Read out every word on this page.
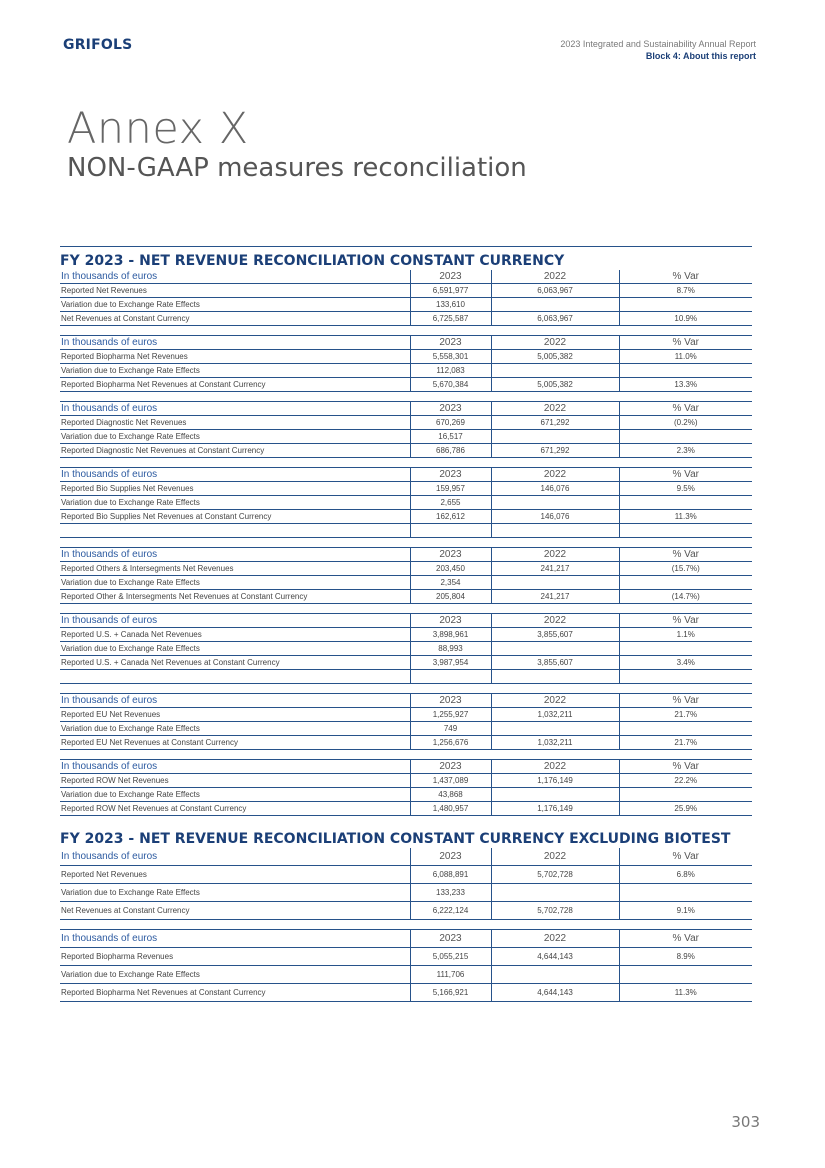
GRIFOLS	2023 Integrated and Sustainability Annual Report
Block 4: About this report
Annex X
NON-GAAP measures reconciliation
FY 2023 - NET REVENUE RECONCILIATION CONSTANT CURRENCY
In thousands of euros	2023	2022	% Var
Reported Net Revenues	6,591,977	6,063,967	8.7%
Variation due to Exchange Rate Effects	133,610		
Net Revenues at Constant Currency	6,725,587	6,063,967	10.9%
In thousands of euros	2023	2022	% Var
Reported Biopharma Net Revenues	5,558,301	5,005,382	11.0%
Variation due to Exchange Rate Effects	112,083		
Reported Biopharma Net Revenues at Constant Currency	5,670,384	5,005,382	13.3%
In thousands of euros	2023	2022	% Var
Reported Diagnostic Net Revenues	670,269	671,292	(0.2%)
Variation due to Exchange Rate Effects	16,517		
Reported Diagnostic Net Revenues at Constant Currency	686,786	671,292	2.3%
In thousands of euros	2023	2022	% Var
Reported Bio Supplies Net Revenues	159,957	146,076	9.5%
Variation due to Exchange Rate Effects	2,655		
Reported Bio Supplies Net Revenues at Constant Currency	162,612	146,076	11.3%

In thousands of euros	2023	2022	% Var
Reported Others & Intersegments Net Revenues	203,450	241,217	(15.7%)
Variation due to Exchange Rate Effects	2,354		
Reported Other & Intersegments Net Revenues at Constant Currency	205,804	241,217	(14.7%)
In thousands of euros	2023	2022	% Var
Reported U.S. + Canada Net Revenues	3,898,961	3,855,607	1.1%
Variation due to Exchange Rate Effects	88,993		
Reported U.S. + Canada Net Revenues at Constant Currency	3,987,954	3,855,607	3.4%

In thousands of euros	2023	2022	% Var
Reported EU Net Revenues	1,255,927	1,032,211	21.7%
Variation due to Exchange Rate Effects	749		
Reported EU Net Revenues at Constant Currency	1,256,676	1,032,211	21.7%
In thousands of euros	2023	2022	% Var
Reported ROW Net Revenues	1,437,089	1,176,149	22.2%
Variation due to Exchange Rate Effects	43,868		
Reported ROW Net Revenues at Constant Currency	1,480,957	1,176,149	25.9%
FY 2023 - NET REVENUE RECONCILIATION CONSTANT CURRENCY EXCLUDING BIOTEST
In thousands of euros	2023	2022	% Var
Reported Net Revenues	6,088,891	5,702,728	6.8%
Variation due to Exchange Rate Effects	133,233		
Net Revenues at Constant Currency	6,222,124	5,702,728	9.1%
In thousands of euros	2023	2022	% Var
Reported Biopharma Revenues	5,055,215	4,644,143	8.9%
Variation due to Exchange Rate Effects	111,706		
Reported Biopharma Net Revenues at Constant Currency	5,166,921	4,644,143	11.3%
303
